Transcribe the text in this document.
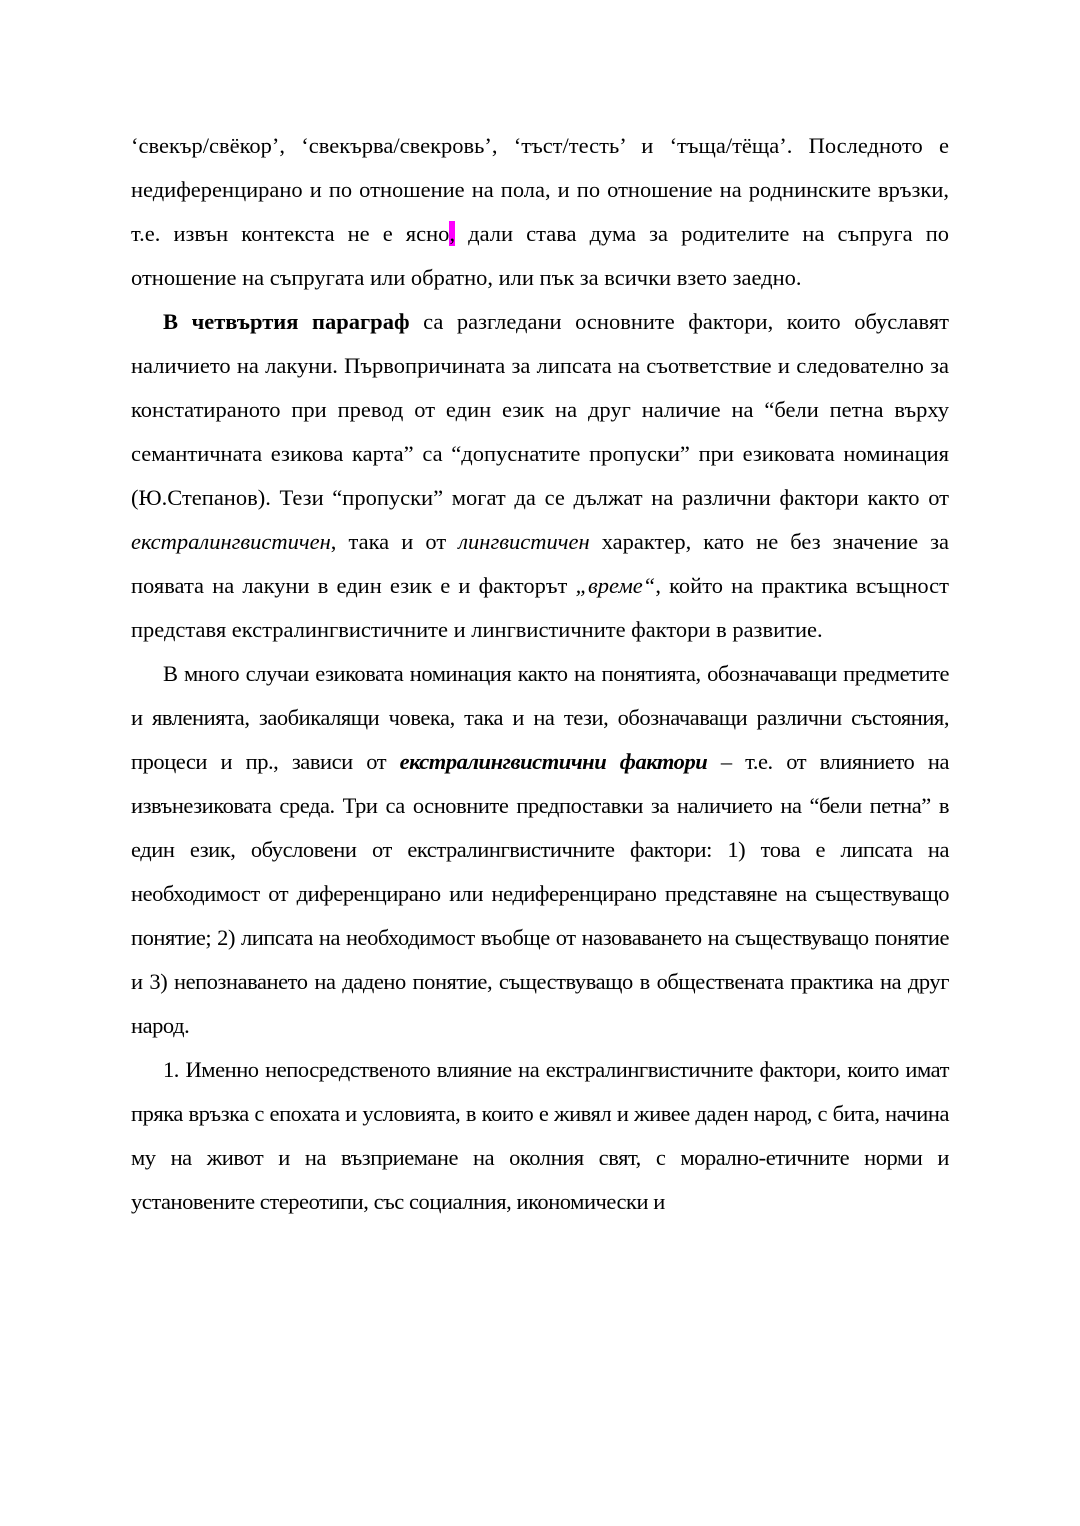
‘свекър/свёкор’, ‘свекърва/свекровь’, ‘тъст/тесть’ и ‘тъща/тёща’. Последното е недиференцирано и по отношение на пола, и по отношение на роднинските връзки, т.е. извън контекста не е ясно, дали става дума за родителите на съпруга по отношение на съпругата или обратно, или пък за всички взето заедно.

В четвъртия параграф са разгледани основните фактори, които обуславят наличието на лакуни. Първопричината за липсата на съответствие и следователно за констатираното при превод от един език на друг наличие на “бели петна върху семантичната езикова карта” са “допуснатите пропуски” при езиковата номинация (Ю.Степанов). Тези “пропуски” могат да се дължат на различни фактори както от екстралингвистичен, така и от лингвистичен характер, като не без значение за появата на лакуни в един език е и факторът „време“, който на практика всъщност представя екстралингвистичните и лингвистичните фактори в развитие.

В много случаи езиковата номинация както на понятията, обозначаващи предметите и явленията, заобикалящи човека, така и на тези, обозначаващи различни състояния, процеси и пр., зависи от екстралингвистични фактори – т.е. от влиянието на извънезиковата среда. Три са основните предпоставки за наличието на “бели петна” в един език, обусловени от екстралингвистичните фактори: 1) това е липсата на необходимост от диференцирано или недиференцирано представяне на съществуващо понятие; 2) липсата на необходимост въобще от назоваването на съществуващо понятие и 3) непознаването на дадено понятие, съществуващо в обществената практика на друг народ.

1. Именно непосредственото влияние на екстралингвистичните фактори, които имат пряка връзка с епохата и условията, в които е живял и живее даден народ, с бита, начина му на живот и на възприемане на околния свят, с морално-етичните норми и установените стереотипи, със социалния, икономически и
